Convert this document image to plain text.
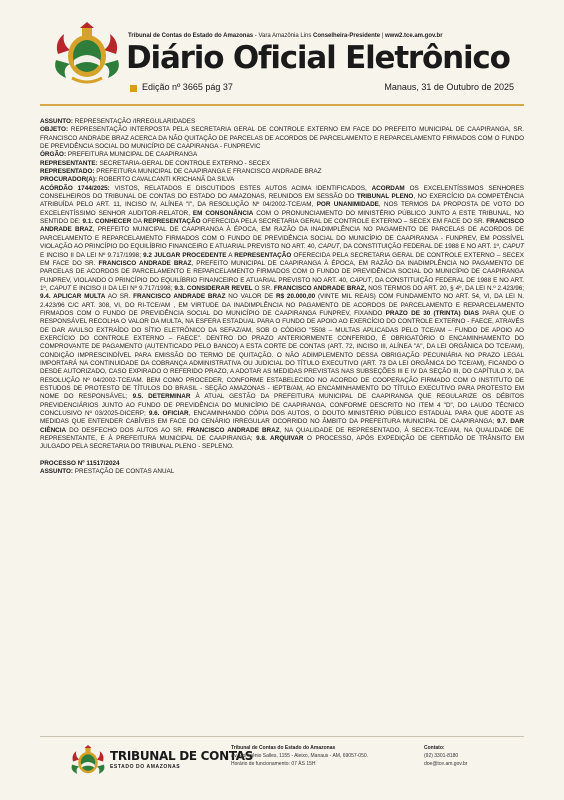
Tribunal de Contas do Estado do Amazonas - Vara Amazônia Lins Conselheira-Presidente | www2.tce.am.gov.br
Diário Oficial Eletrônico
Edição nº 3665 pág 37	Manaus, 31 de Outubro de 2025

ASSUNTO: REPRESENTAÇÃO /IRREGULARIDADES

OBJETO: REPRESENTAÇÃO INTERPOSTA PELA SECRETARIA GERAL DE CONTROLE EXTERNO EM FACE DO PREFEITO MUNICIPAL DE CAAPIRANGA, SR. FRANCISCO ANDRADE BRAZ ACERCA DA NÃO QUITAÇÃO DE PARCELAS DE ACORDOS DE PARCELAMENTO E REPARCELAMENTO FIRMADOS COM O FUNDO DE PREVIDÊNCIA SOCIAL DO MUNICÍPIO DE CAAPIRANGA - FUNPREVIC

ÓRGÃO: PREFEITURA MUNICIPAL DE CAAPIRANGA

REPRESENTANTE: SECRETARIA-GERAL DE CONTROLE EXTERNO - SECEX

REPRESENTADO: PREFEITURA MUNICIPAL DE CAAPIRANGA E FRANCISCO ANDRADE BRAZ

PROCURADOR(A): ROBERTO CAVALCANTI KRICHANÃ DA SILVA

ACÓRDÃO 1744/2025: VISTOS, RELATADOS E DISCUTIDOS ESTES AUTOS ACIMA IDENTIFICADOS, ACORDAM OS EXCELENTÍSSIMOS SENHORES CONSELHEIROS DO TRIBUNAL DE CONTAS DO ESTADO DO AMAZONAS, REUNIDOS EM SESSÃO DO TRIBUNAL PLENO, NO EXERCÍCIO DA COMPETÊNCIA ATRIBUÍDA PELO ART. 11, INCISO IV, ALÍNEA "I", DA RESOLUÇÃO Nº 04/2002-TCE/AM, POR UNANIMIDADE, NOS TERMOS DA PROPOSTA DE VOTO DO EXCELENTÍSSIMO SENHOR AUDITOR-RELATOR, EM CONSONÂNCIA COM O PRONUNCIAMENTO DO MINISTÉRIO PÚBLICO JUNTO A ESTE TRIBUNAL, NO SENTIDO DE: 9.1. CONHECER DA REPRESENTAÇÃO OFERECIDA PELA SECRETARIA GERAL DE CONTROLE EXTERNO – SECEX EM FACE DO SR. FRANCISCO ANDRADE BRAZ, PREFEITO MUNICIPAL DE CAAPIRANGA À ÉPOCA, EM RAZÃO DA INADIMPLÊNCIA NO PAGAMENTO DE PARCELAS DE ACORDOS DE PARCELAMENTO E REPARCELAMENTO FIRMADOS COM O FUNDO DE PREVIDÊNCIA SOCIAL DO MUNICÍPIO DE CAAPIRANGA - FUNPREV, EM POSSÍVEL VIOLAÇÃO AO PRINCÍPIO DO EQUILÍBRIO FINANCEIRO E ATUARIAL PREVISTO NO ART. 40, CAPUT, DA CONSTITUIÇÃO FEDERAL DE 1988 E NO ART. 1º, CAPUT E INCISO II DA LEI Nº 9.717/1998; 9.2 JULGAR PROCEDENTE A REPRESENTAÇÃO OFERECIDA PELA SECRETARIA GERAL DE CONTROLE EXTERNO – SECEX EM FACE DO SR. FRANCISCO ANDRADE BRAZ, PREFEITO MUNICIPAL DE CAAPIRANGA À ÉPOCA, EM RAZÃO DA INADIMPLÊNCIA NO PAGAMENTO DE PARCELAS DE ACORDOS DE PARCELAMENTO E REPARCELAMENTO FIRMADOS COM O FUNDO DE PREVIDÊNCIA SOCIAL DO MUNICÍPIO DE CAAPIRANGA FUNPREV, VIOLANDO O PRINCÍPIO DO EQUILÍBRIO FINANCEIRO E ATUARIAL PREVISTO NO ART. 40, CAPUT, DA CONSTITUIÇÃO FEDERAL DE 1988 E NO ART. 1º, CAPUT E INCISO II DA LEI Nº 9.717/1998; 9.3. CONSIDERAR REVEL O SR. FRANCISCO ANDRADE BRAZ, NOS TERMOS DO ART. 20, § 4º, DA LEI N.º 2.423/96; 9.4. APLICAR MULTA AO SR. FRANCISCO ANDRADE BRAZ NO VALOR DE R$ 20.000,00 (VINTE MIL REAIS) COM FUNDAMENTO NO ART. 54, VI, DA LEI N. 2.423/96 C/C ART. 308, VI, DO RI-TCE/AM , EM VIRTUDE DA INADIMPLÊNCIA NO PAGAMENTO DE ACORDOS DE PARCELAMENTO E REPARCELAMENTO FIRMADOS COM O FUNDO DE PREVIDÊNCIA SOCIAL DO MUNICÍPIO DE CAAPIRANGA FUNPREV, FIXANDO PRAZO DE 30 (TRINTA) DIAS PARA QUE O RESPONSÁVEL RECOLHA O VALOR DA MULTA, NA ESFERA ESTADUAL PARA O FUNDO DE APOIO AO EXERCÍCIO DO CONTROLE EXTERNO - FAECE, ATRAVÉS DE DAR AVULSO EXTRAÍDO DO SÍTIO ELETRÔNICO DA SEFAZ/AM, SOB O CÓDIGO "5508 – MULTAS APLICADAS PELO TCE/AM – FUNDO DE APOIO AO EXERCÍCIO DO CONTROLE EXTERNO – FAECE". DENTRO DO PRAZO ANTERIORMENTE CONFERIDO, É OBRIGATÓRIO O ENCAMINHAMENTO DO COMPROVANTE DE PAGAMENTO (AUTENTICADO PELO BANCO) A ESTA CORTE DE CONTAS (ART. 72, INCISO III, ALÍNEA "A", DA LEI ORGÂNICA DO TCE/AM), CONDIÇÃO IMPRESCINDÍVEL PARA EMISSÃO DO TERMO DE QUITAÇÃO. O NÃO ADIMPLEMENTO DESSA OBRIGAÇÃO PECUNIÁRIA NO PRAZO LEGAL IMPORTARÁ NA CONTINUIDADE DA COBRANÇA ADMINISTRATIVA OU JUDICIAL DO TÍTULO EXECUTIVO (ART. 73 DA LEI ORGÂNICA DO TCE/AM), FICANDO O DESDE AUTORIZADO, CASO EXPIRADO O REFERIDO PRAZO, A ADOTAR AS MEDIDAS PREVISTAS NAS SUBSEÇÕES III E IV DA SEÇÃO III, DO CAPÍTULO X, DA RESOLUÇÃO Nº 04/2002-TCE/AM. BEM COMO PROCEDER, CONFORME ESTABELECIDO NO ACORDO DE COOPERAÇÃO FIRMADO COM O INSTITUTO DE ESTUDOS DE PROTESTO DE TÍTULOS DO BRASIL - SEÇÃO AMAZONAS - IEPTB/AM, AO ENCAMINHAMENTO DO TÍTULO EXECUTIVO PARA PROTESTO EM NOME DO RESPONSÁVEL; 9.5. DETERMINAR À ATUAL GESTÃO DA PREFEITURA MUNICIPAL DE CAAPIRANGA QUE REGULARIZE OS DÉBITOS PREVIDENCIÁRIOS JUNTO AO FUNDO DE PREVIDÊNCIA DO MUNICÍPIO DE CAAPIRANGA, CONFORME DESCRITO NO ITEM 4 "D", DO LAUDO TÉCNICO CONCLUSIVO Nº 03/2025-DICERP; 9.6. OFICIAR, ENCAMINHANDO CÓPIA DOS AUTOS, O DOUTO MINISTÉRIO PÚBLICO ESTADUAL PARA QUE ADOTE AS MEDIDAS QUE ENTENDER CABÍVEIS EM FACE DO CENÁRIO IRREGULAR OCORRIDO NO ÂMBITO DA PREFEITURA MUNICIPAL DE CAAPIRANGA; 9.7. DAR CIÊNCIA DO DESFECHO DOS AUTOS AO SR. FRANCISCO ANDRADE BRAZ, NA QUALIDADE DE REPRESENTADO, À SECEX-TCE/AM, NA QUALIDADE DE REPRESENTANTE, E À PREFEITURA MUNICIPAL DE CAAPIRANGA; 9.8. ARQUIVAR O PROCESSO, APÓS EXPEDIÇÃO DE CERTIDÃO DE TRÂNSITO EM JULGADO PELA SECRETARIA DO TRIBUNAL PLENO - SEPLENO.

PROCESSO Nº 11517/2024

ASSUNTO: PRESTAÇÃO DE CONTAS ANUAL

TRIBUNAL DE CONTAS
ESTADO DO AMAZONAS
Tribunal de Contas do Estado do Amazonas
Av. Ephigênio Salles, 1155 - Aleixo, Manaus - AM, 69057-050.
Horário de funcionamento: 07 ÀS 15H
Contato:
(92) 3301-8180
doe@tce.am.gov.br
